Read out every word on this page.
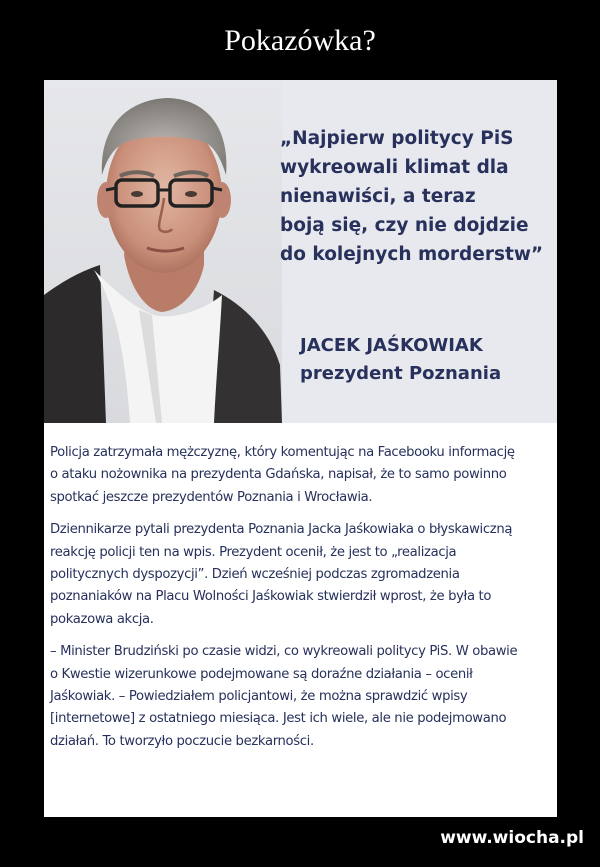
Pokazówka?
„Najpierw politycy PiS
wykreowali klimat dla
nienawiści, a teraz
boją się, czy nie dojdzie
do kolejnych morderstw”
JACEK JAŚKOWIAK
prezydent Poznania
Policja zatrzymała mężczyznę, który komentując na Facebooku informację
o ataku nożownika na prezydenta Gdańska, napisał, że to samo powinno
spotkać jeszcze prezydentów Poznania i Wrocławia.
Dziennikarze pytali prezydenta Poznania Jacka Jaśkowiaka o błyskawiczną
reakcję policji ten na wpis. Prezydent ocenił, że jest to „realizacja
politycznych dyspozycji”. Dzień wcześniej podczas zgromadzenia
poznaniaków na Placu Wolności Jaśkowiak stwierdził wprost, że była to
pokazowa akcja.
– Minister Brudziński po czasie widzi, co wykreowali politycy PiS. W obawie
o Kwestie wizerunkowe podejmowane są doraźne działania – ocenił
Jaśkowiak. – Powiedziałem policjantowi, że można sprawdzić wpisy
[internetowe] z ostatniego miesiąca. Jest ich wiele, ale nie podejmowano
działań. To tworzyło poczucie bezkarności.
www.wiocha.pl
